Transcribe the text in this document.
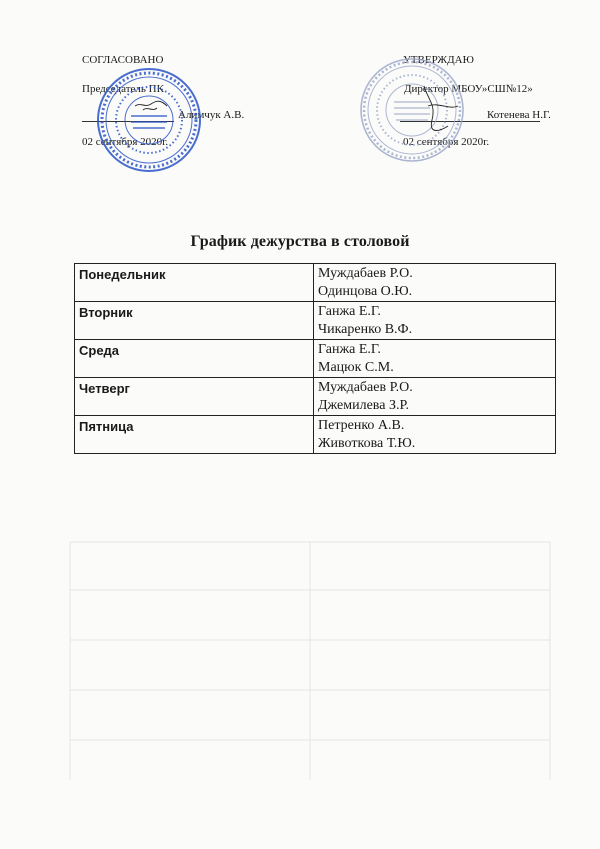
СОГЛАСОВАНО
Председатель ПК
Алимчук А.В.
02 сентября 2020г.
УТВЕРЖДАЮ
Директор МБОУ»СШ№12»
Котенева Н.Г.
02 сентября 2020г.
График дежурства в столовой
Понедельник	Муждабаев Р.О.
Одинцова О.Ю.

Вторник	Ганжа Е.Г.
Чикаренко В.Ф.

Среда	Ганжа Е.Г.
Мацюк С.М.

Четверг	Муждабаев Р.О.
Джемилева З.Р.

Пятница	Петренко А.В.
Животкова Т.Ю.
